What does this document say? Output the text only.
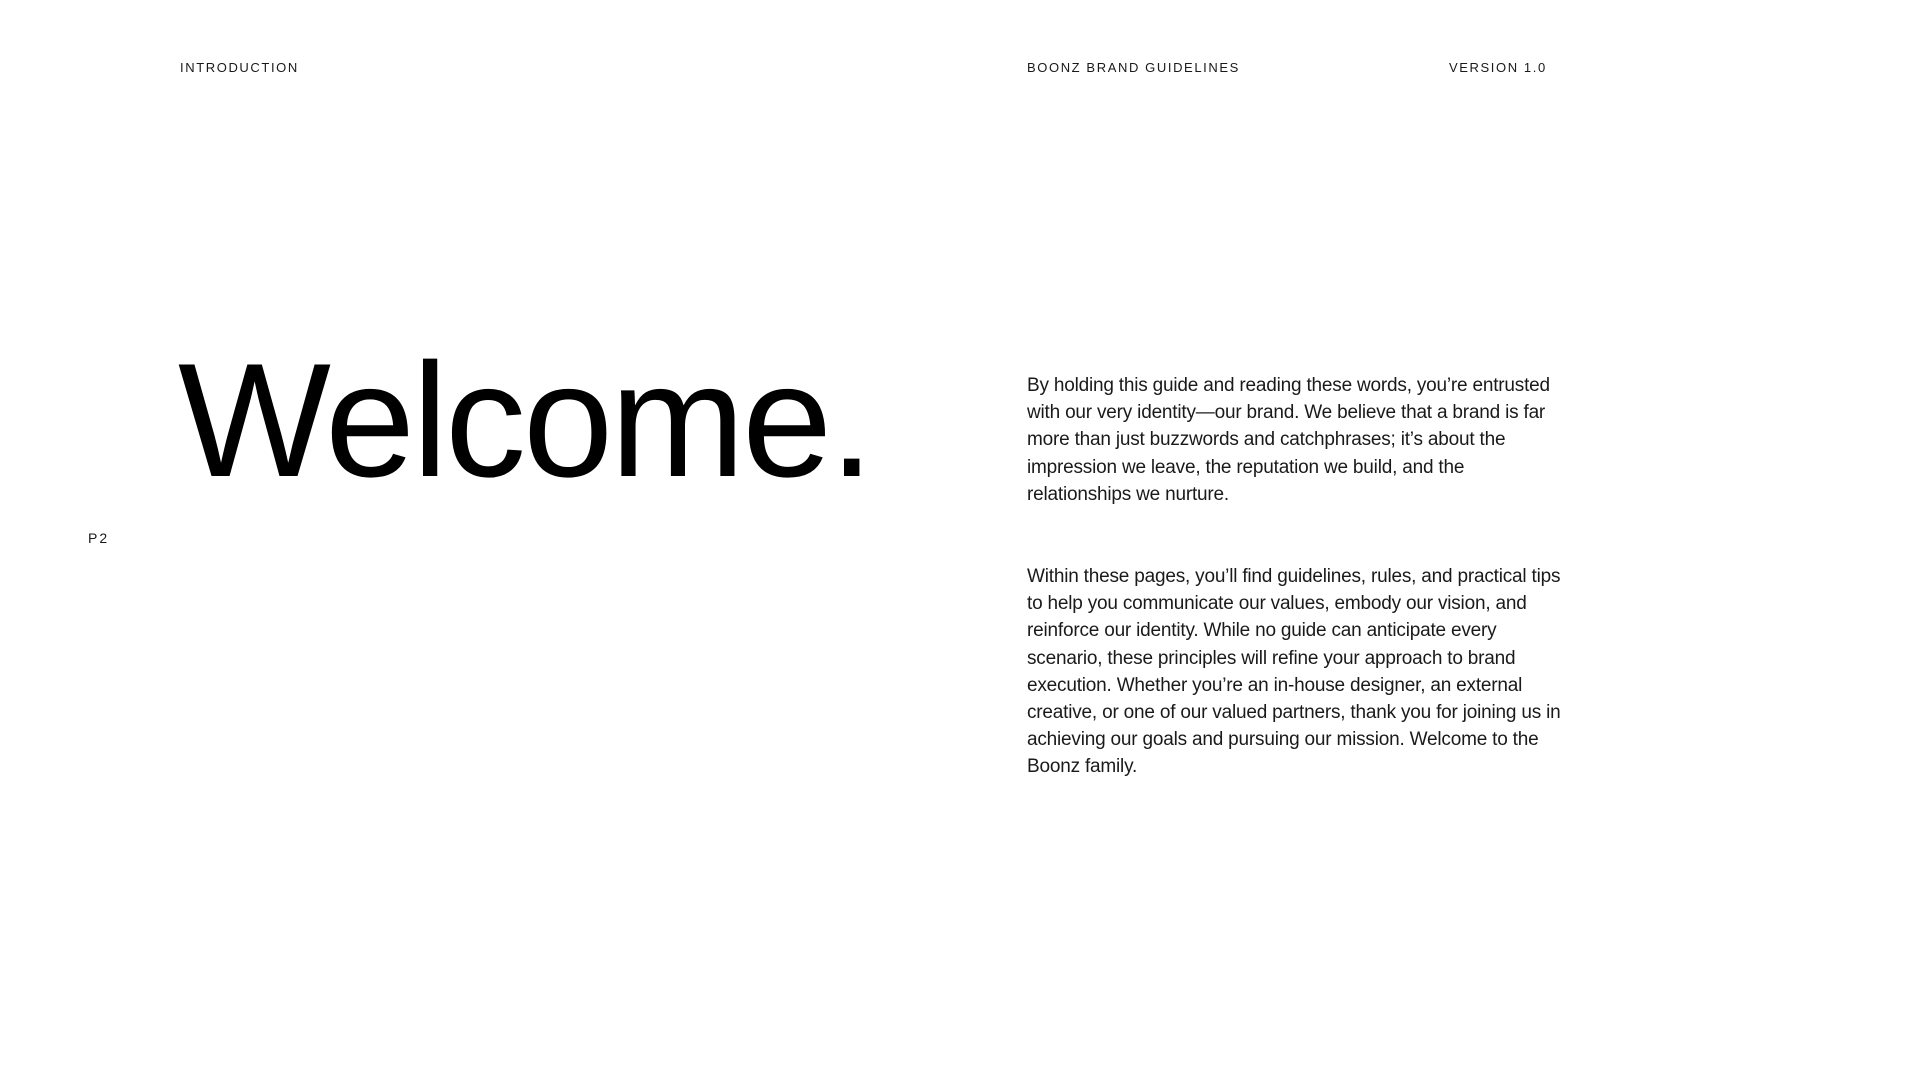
INTRODUCTION	BOONZ BRAND GUIDELINES	VERSION 1.0
Welcome.
P2

By holding this guide and reading these words, you’re entrusted with our very identity—our brand. We believe that a brand is far more than just buzzwords and catchphrases; it’s about the impression we leave, the reputation we build, and the relationships we nurture.

Within these pages, you’ll find guidelines, rules, and practical tips to help you communicate our values, embody our vision, and reinforce our identity. While no guide can anticipate every scenario, these principles will refine your approach to brand execution. Whether you’re an in-house designer, an external creative, or one of our valued partners, thank you for joining us in achieving our goals and pursuing our mission. Welcome to the Boonz family.
